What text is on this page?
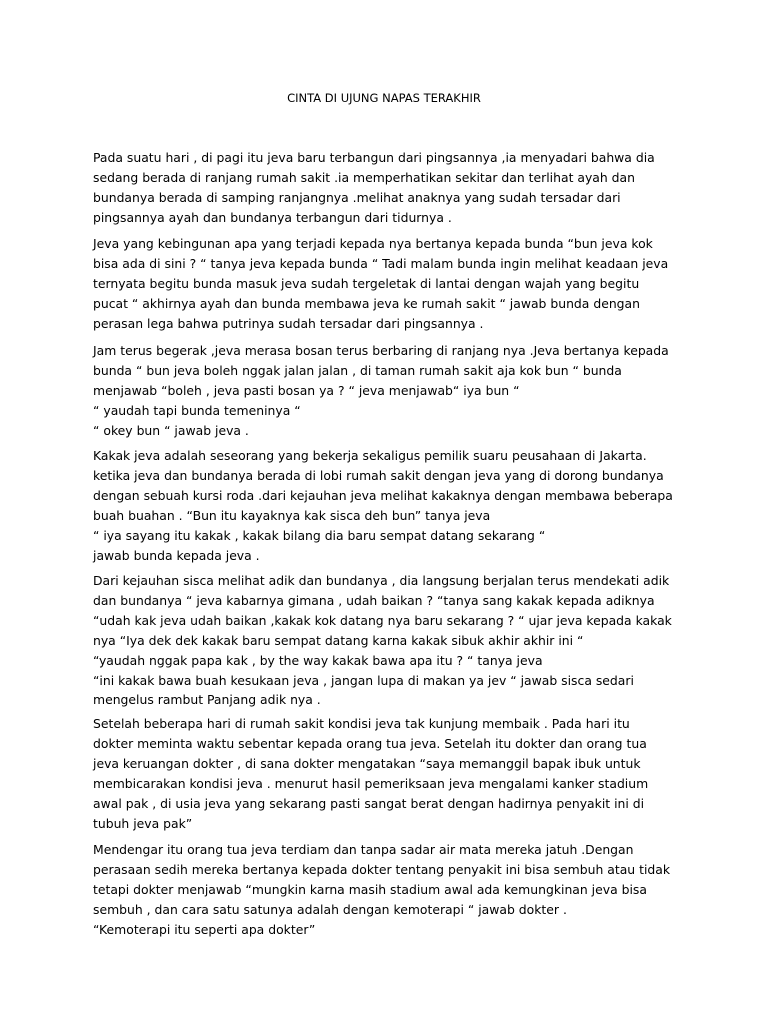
CINTA DI UJUNG NAPAS TERAKHIR

Pada suatu hari , di pagi itu jeva baru terbangun dari pingsannya ,ia menyadari bahwa dia
sedang berada di ranjang rumah sakit .ia memperhatikan sekitar dan terlihat ayah dan
bundanya berada di samping ranjangnya .melihat anaknya yang sudah tersadar dari
pingsannya ayah dan bundanya terbangun dari tidurnya .

Jeva yang kebingunan apa yang terjadi kepada nya bertanya kepada bunda “bun jeva kok
bisa ada di sini ? “ tanya jeva kepada bunda “ Tadi malam bunda ingin melihat keadaan jeva
ternyata begitu bunda masuk jeva sudah tergeletak di lantai dengan wajah yang begitu
pucat “ akhirnya ayah dan bunda membawa jeva ke rumah sakit “ jawab bunda dengan
perasan lega bahwa putrinya sudah tersadar dari pingsannya .

Jam terus begerak ,jeva merasa bosan terus berbaring di ranjang nya .Jeva bertanya kepada
bunda “ bun jeva boleh nggak jalan jalan , di taman rumah sakit aja kok bun “ bunda
menjawab “boleh , jeva pasti bosan ya ? “ jeva menjawab“ iya bun “
“ yaudah tapi bunda temeninya “
“ okey bun “ jawab jeva .

Kakak jeva adalah seseorang yang bekerja sekaligus pemilik suaru peusahaan di Jakarta.
ketika jeva dan bundanya berada di lobi rumah sakit dengan jeva yang di dorong bundanya
dengan sebuah kursi roda .dari kejauhan jeva melihat kakaknya dengan membawa beberapa
buah buahan . “Bun itu kayaknya kak sisca deh bun” tanya jeva
“ iya sayang itu kakak , kakak bilang dia baru sempat datang sekarang “
jawab bunda kepada jeva .

Dari kejauhan sisca melihat adik dan bundanya , dia langsung berjalan terus mendekati adik
dan bundanya “ jeva kabarnya gimana , udah baikan ? “tanya sang kakak kepada adiknya
“udah kak jeva udah baikan ,kakak kok datang nya baru sekarang ? “ ujar jeva kepada kakak
nya “Iya dek dek kakak baru sempat datang karna kakak sibuk akhir akhir ini “
“yaudah nggak papa kak , by the way kakak bawa apa itu ? “ tanya jeva
“ini kakak bawa buah kesukaan jeva , jangan lupa di makan ya jev “ jawab sisca sedari
mengelus rambut Panjang adik nya .

Setelah beberapa hari di rumah sakit kondisi jeva tak kunjung membaik . Pada hari itu
dokter meminta waktu sebentar kepada orang tua jeva. Setelah itu dokter dan orang tua
jeva keruangan dokter , di sana dokter mengatakan “saya memanggil bapak ibuk untuk
membicarakan kondisi jeva . menurut hasil pemeriksaan jeva mengalami kanker stadium
awal pak , di usia jeva yang sekarang pasti sangat berat dengan hadirnya penyakit ini di
tubuh jeva pak”

Mendengar itu orang tua jeva terdiam dan tanpa sadar air mata mereka jatuh .Dengan
perasaan sedih mereka bertanya kepada dokter tentang penyakit ini bisa sembuh atau tidak
tetapi dokter menjawab “mungkin karna masih stadium awal ada kemungkinan jeva bisa
sembuh , dan cara satu satunya adalah dengan kemoterapi “ jawab dokter .
“Kemoterapi itu seperti apa dokter”
